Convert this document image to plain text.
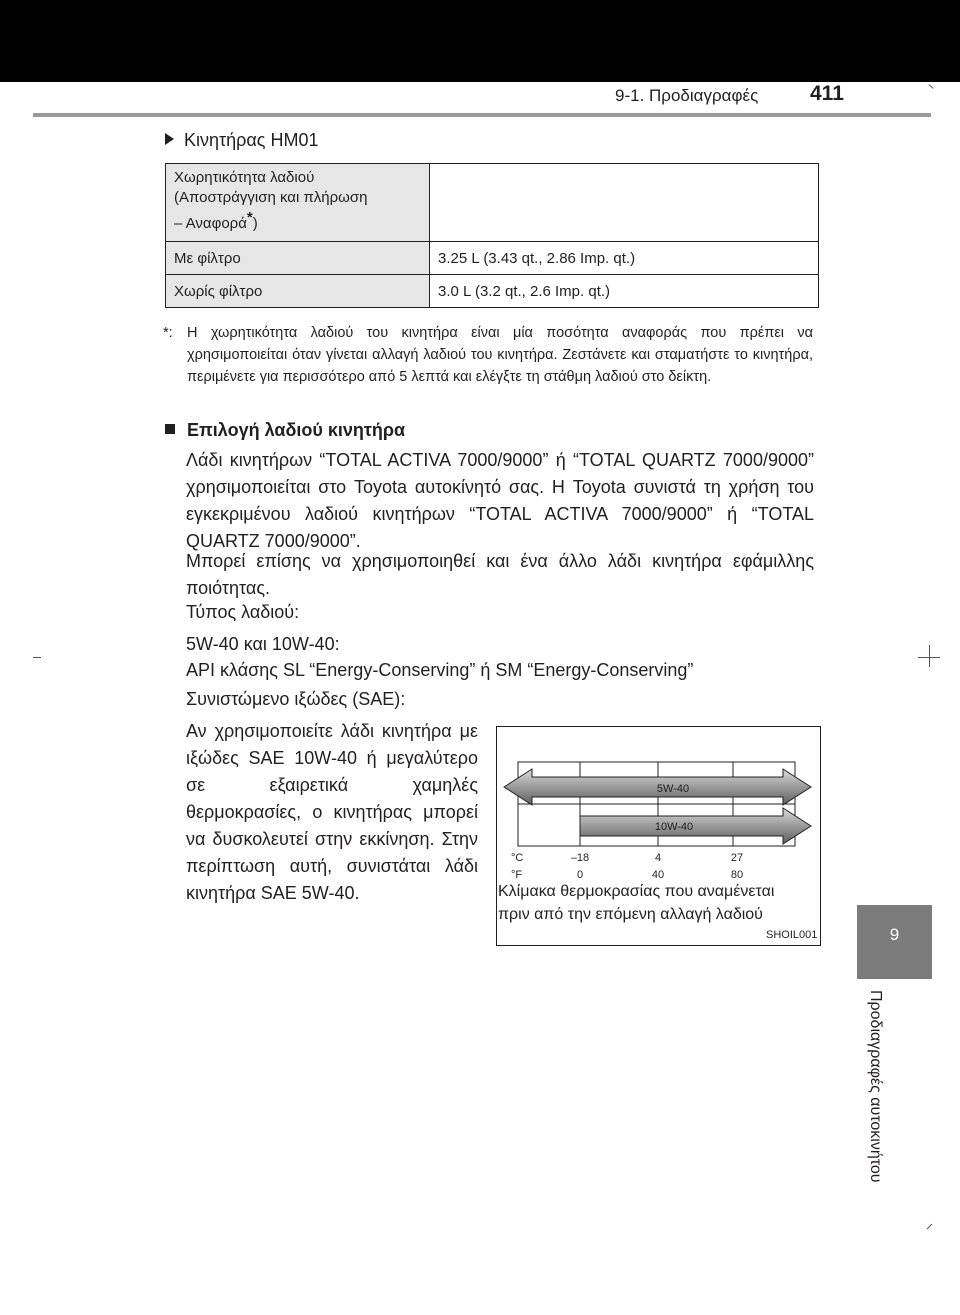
9-1. Προδιαγραφές 411
9
Προδιαγραφές αυτοκινήτου
Κινητήρας HM01
Χωρητικότητα λαδιού
(Αποστράγγιση και πλήρωση
– Αναφορά*)	

Με φίλτρο	3.25 L (3.43 qt., 2.86 Imp. qt.)
Χωρίς φίλτρο	3.0 L (3.2 qt., 2.6 Imp. qt.)
*: Η χωρητικότητα λαδιού του κινητήρα είναι μία ποσότητα αναφοράς που πρέπει να χρησιμοποιείται όταν γίνεται αλλαγή λαδιού του κινητήρα. Ζεστάνετε και σταματήστε το κινητήρα, περιμένετε για περισσότερο από 5 λεπτά και ελέγξτε τη στάθμη λαδιού στο δείκτη.
Επιλογή λαδιού κινητήρα
Λάδι κινητήρων “TOTAL ACTIVA 7000/9000” ή “TOTAL QUARTZ 7000/9000” χρησιμοποιείται στο Toyota αυτοκίνητό σας. Η Toyota συνιστά τη χρήση του εγκεκριμένου λαδιού κινητήρων “TOTAL ACTIVA 7000/9000” ή “TOTAL QUARTZ 7000/9000”.
Μπορεί επίσης να χρησιμοποιηθεί και ένα άλλο λάδι κινητήρα εφάμιλλης ποιότητας.
Τύπος λαδιού:
5W-40 και 10W-40:
API κλάσης SL “Energy-Conserving” ή SM “Energy-Conserving”
Συνιστώμενο ιξώδες (SAE):
Αν χρησιμοποιείτε λάδι κινητήρα με ιξώδες SAE 10W-40 ή μεγαλύτερο σε εξαιρετικά χαμηλές θερμοκρασίες, ο κινητήρας μπορεί να δυσκολευτεί στην εκκίνηση. Στην περίπτωση αυτή, συνιστάται λάδι κινητήρα SAE 5W-40.
5W-40
10W-40
°C
°F
–18	4	27
0	40	80
Κλίμακα θερμοκρασίας που αναμένεται
πριν από την επόμενη αλλαγή λαδιού
SHOIL001
